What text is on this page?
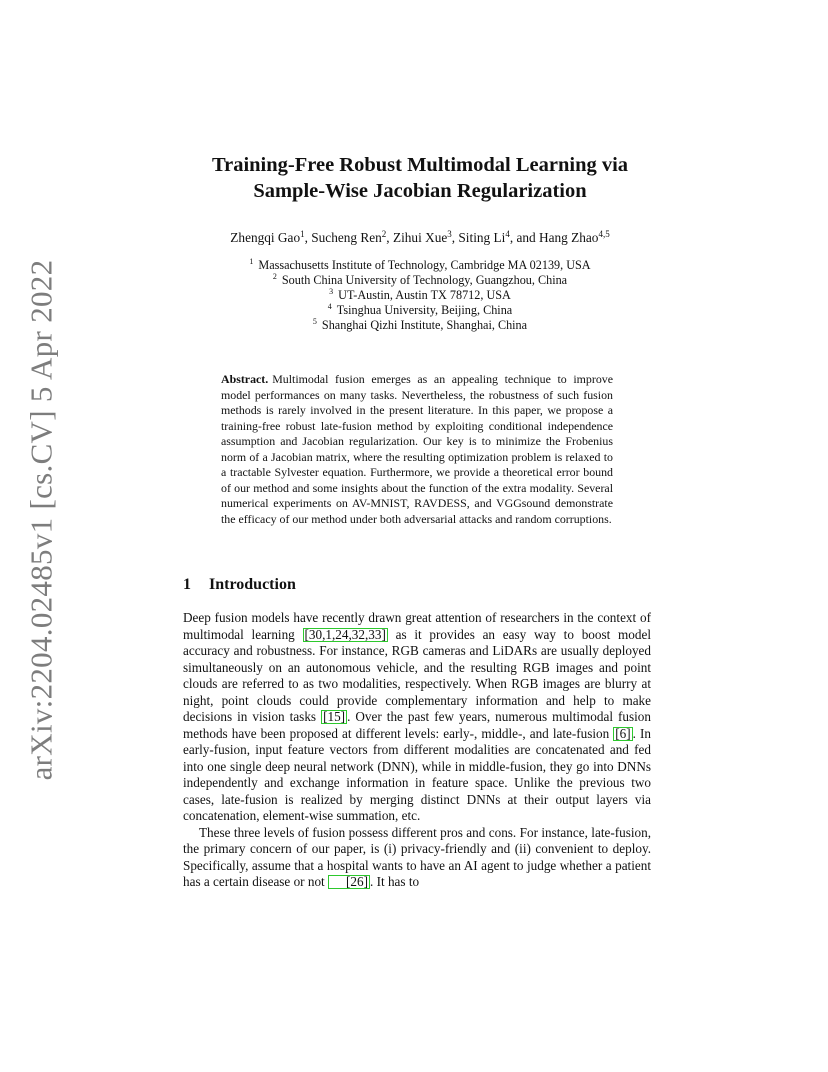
arXiv:2204.02485v1 [cs.CV] 5 Apr 2022
Training-Free Robust Multimodal Learning via
Sample-Wise Jacobian Regularization
Zhengqi Gao$^1$, Sucheng Ren$^2$, Zihui Xue$^3$, Siting Li$^4$, and Hang Zhao$^{4,5}$
$^1$ Massachusetts Institute of Technology, Cambridge MA 02139, USA
$^2$ South China University of Technology, Guangzhou, China
$^3$ UT-Austin, Austin TX 78712, USA
$^4$ Tsinghua University, Beijing, China
$^5$ Shanghai Qizhi Institute, Shanghai, China
Abstract. Multimodal fusion emerges as an appealing technique to improve model performances on many tasks. Nevertheless, the robustness of such fusion methods is rarely involved in the present literature. In this paper, we propose a training-free robust late-fusion method by exploiting conditional independence assumption and Jacobian regularization. Our key is to minimize the Frobenius norm of a Jacobian matrix, where the resulting optimization problem is relaxed to a tractable Sylvester equation. Furthermore, we provide a theoretical error bound of our method and some insights about the function of the extra modality. Several numerical experiments on AV-MNIST, RAVDESS, and VGGsound demonstrate the efficacy of our method under both adversarial attacks and random corruptions.
1 Introduction

Deep fusion models have recently drawn great attention of researchers in the context of multimodal learning [30,1,24,32,33] as it provides an easy way to boost model accuracy and robustness. For instance, RGB cameras and LiDARs are usually deployed simultaneously on an autonomous vehicle, and the resulting RGB images and point clouds are referred to as two modalities, respectively. When RGB images are blurry at night, point clouds could provide complementary information and help to make decisions in vision tasks [15] . Over the past few years, numerous multimodal fusion methods have been proposed at different levels: early-, middle-, and late-fusion [6] . In early-fusion, input feature vectors from different modalities are concatenated and fed into one single deep neural network (DNN), while in middle-fusion, they go into DNNs independently and exchange information in feature space. Unlike the previous two cases, late-fusion is realized by merging distinct DNNs at their output layers via concatenation, element-wise summation, etc.

These three levels of fusion possess different pros and cons. For instance, late-fusion, the primary concern of our paper, is (i) privacy-friendly and (ii) convenient to deploy. Specifically, assume that a hospital wants to have an AI agent to judge whether a patient has a certain disease or not [26] . It has to
